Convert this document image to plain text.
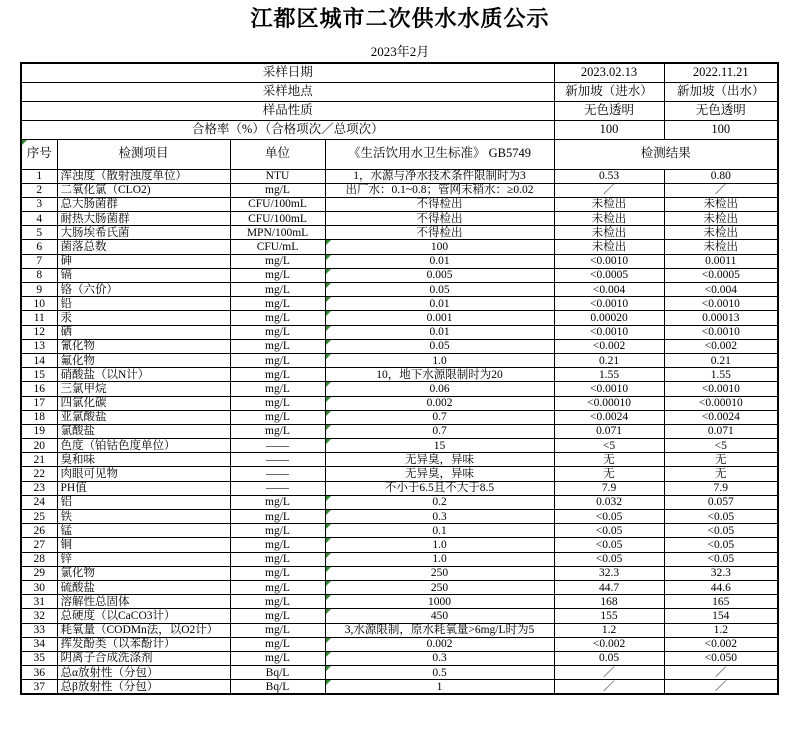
江都区城市二次供水水质公示
2023年2月
采样日期				2023.02.13	2022.11.21
采样地点				新加坡（进水）	新加坡（出水）
样品性质				无色透明	无色透明
合格率（%）（合格项次／总项次）				100	100
序号	检测项目	单位	《生活饮用水卫生标准》 GB5749	检测结果	
1	浑浊度（散射浊度单位）	NTU	1，水源与净水技术条件限制时为3	0.53	0.80
2	二氧化氯（CLO2)	mg/L	出厂水：0.1~0.8；管网末稍水：≥0.02	／	／
3	总大肠菌群	CFU/100mL	不得检出	未检出	未检出
4	耐热大肠菌群	CFU/100mL	不得检出	未检出	未检出
5	大肠埃希氏菌	MPN/100mL	不得检出	未检出	未检出
6	菌落总数	CFU/mL	100	未检出	未检出
7	砷	mg/L	0.01	<0.0010	0.0011
8	镉	mg/L	0.005	<0.0005	<0.0005
9	铬（六价）	mg/L	0.05	<0.004	<0.004
10	铅	mg/L	0.01	<0.0010	<0.0010
11	汞	mg/L	0.001	0.00020	0.00013
12	硒	mg/L	0.01	<0.0010	<0.0010
13	氰化物	mg/L	0.05	<0.002	<0.002
14	氟化物	mg/L	1.0	0.21	0.21
15	硝酸盐（以N计）	mg/L	10，地下水源限制时为20	1.55	1.55
16	三氯甲烷	mg/L	0.06	<0.0010	<0.0010
17	四氯化碳	mg/L	0.002	<0.00010	<0.00010
18	亚氯酸盐	mg/L	0.7	<0.0024	<0.0024
19	氯酸盐	mg/L	0.7	0.071	0.071
20	色度（铂钴色度单位）	——	15	<5	<5
21	臭和味	——	无异臭，异味	无	无
22	肉眼可见物	——	无异臭，异味	无	无
23	PH值	——	不小于6.5且不大于8.5	7.9	7.9
24	铝	mg/L	0.2	0.032	0.057
25	铁	mg/L	0.3	<0.05	<0.05
26	锰	mg/L	0.1	<0.05	<0.05
27	铜	mg/L	1.0	<0.05	<0.05
28	锌	mg/L	1.0	<0.05	<0.05
29	氯化物	mg/L	250	32.3	32.3
30	硫酸盐	mg/L	250	44.7	44.6
31	溶解性总固体	mg/L	1000	168	165
32	总硬度（以CaCO3计）	mg/L	450	155	154
33	耗氧量（CODMn法，以O2计）	mg/L	3,水源限制，原水耗氧量>6mg/L时为5	1.2	1.2
34	挥发酚类（以苯酚计）	mg/L	0.002	<0.002	<0.002
35	阴离子合成洗涤剂	mg/L	0.3	0.05	<0.050
36	总α放射性（分包）	Bq/L	0.5	／	／
37	总β放射性（分包）	Bq/L	1	／	／
